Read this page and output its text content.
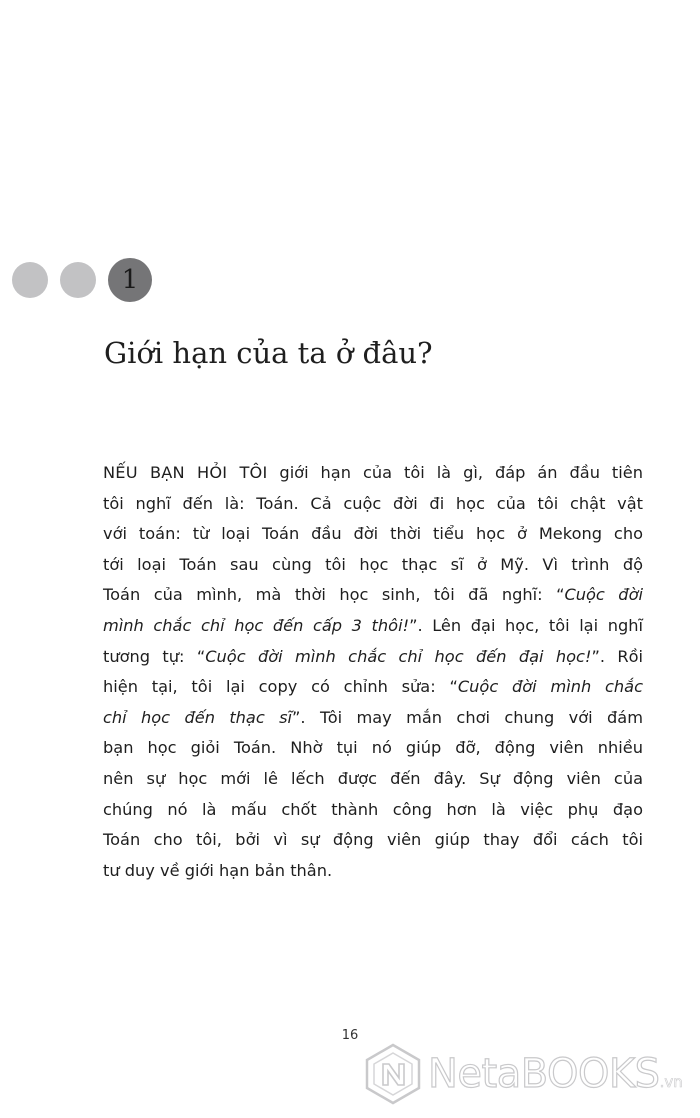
1
Giới hạn của ta ở đâu?
NẾU BẠN HỎI TÔI giới hạn của tôi là gì, đáp án đầu tiên
tôi nghĩ đến là: Toán. Cả cuộc đời đi học của tôi chật vật
với toán: từ loại Toán đầu đời thời tiểu học ở Mekong cho
tới loại Toán sau cùng tôi học thạc sĩ ở Mỹ. Vì trình độ
Toán của mình, mà thời học sinh, tôi đã nghĩ: “Cuộc đời
mình chắc chỉ học đến cấp 3 thôi!”. Lên đại học, tôi lại nghĩ
tương tự: “Cuộc đời mình chắc chỉ học đến đại học!”. Rồi
hiện tại, tôi lại copy có chỉnh sửa: “Cuộc đời mình chắc
chỉ học đến thạc sĩ”. Tôi may mắn chơi chung với đám
bạn học giỏi Toán. Nhờ tụi nó giúp đỡ, động viên nhiều
nên sự học mới lê lếch được đến đây. Sự động viên của
chúng nó là mấu chốt thành công hơn là việc phụ đạo
Toán cho tôi, bởi vì sự động viên giúp thay đổi cách tôi
tư duy về giới hạn bản thân.
16
NetaBOOKS.vn
